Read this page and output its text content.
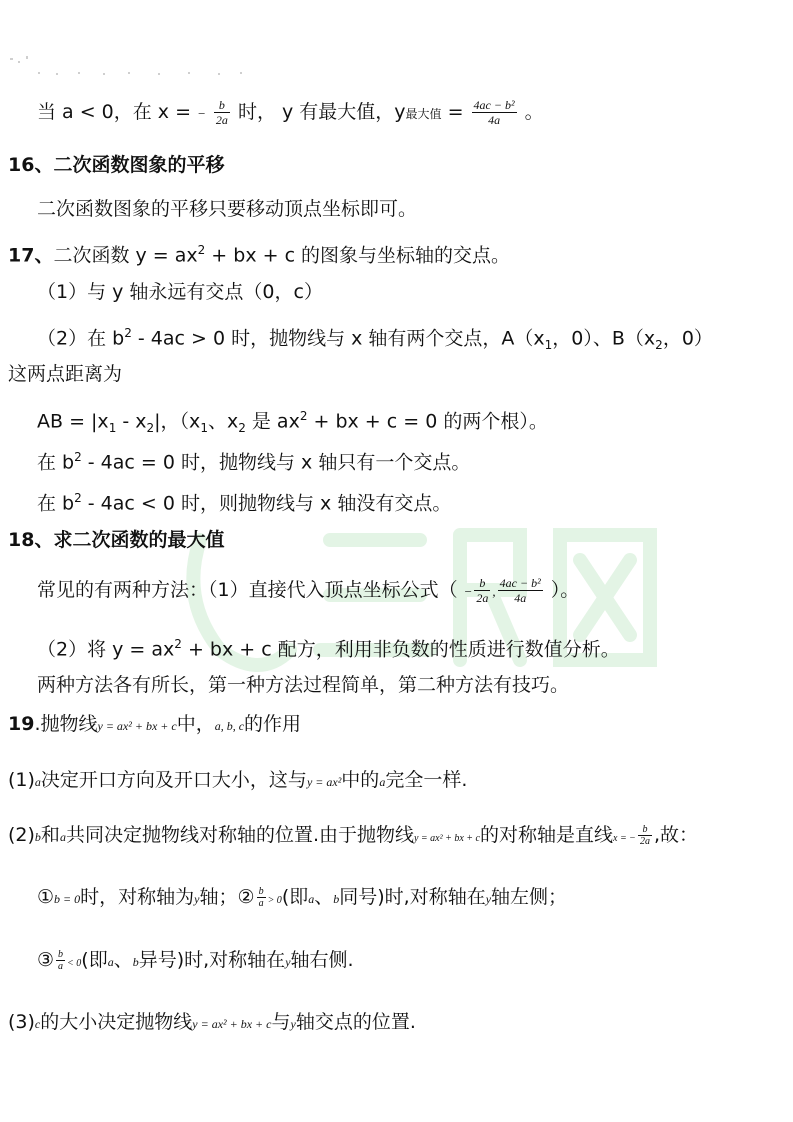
当 a < 0，在 x = − $\frac{b}{2a}$ 时， y 有最大值，y最大值 = $\frac{\text{4ac − b²}}{4a}$ 。
16、二次函数图象的平移
二次函数图象的平移只要移动顶点坐标即可。
17、二次函数 $y = ax^2$ + bx + c 的图象与坐标轴的交点。
（1）与 y 轴永远有交点（0，c）
（2）在 $b^2 - 4ac > 0$ 时，抛物线与 x 轴有两个交点，$A(x_1$，0）、$B(x_2$，0）
这两点距离为
AB = $|x_1 - x_2|$，（$x_1$、$x_2$ 是 $ax^2$ + bx + c = 0 的两个根）。
在 $b^2 - 4ac = 0$ 时，抛物线与 x 轴只有一个交点。
在 $b^2 - 4ac < 0$ 时，则抛物线与 x 轴没有交点。
18、求二次函数的最大值
常见的有两种方法：（1）直接代入顶点坐标公式（ − $\frac{b}{2a}$ , $\frac{\text{4ac − b²}}{4a}$ ）。
（2）将 $y = ax^2$ + bx + c 配方，利用非负数的性质进行数值分析。
两种方法各有所长，第一种方法过程简单，第二种方法有技巧。
19.抛物线y = ax² + bx + c中，a, b, c的作用
(1)a决定开口方向及开口大小，这与y = ax²中的a完全一样.
(2)b和a共同决定抛物线对称轴的位置.由于抛物线y = ax² + bx + c的对称轴是直线x = − $\frac{b}{2a}$ ,故：
①b = 0时，对称轴为y轴；② $\frac{b}{a} > 0$(即a、b同号)时,对称轴在y轴左侧；
③ $\frac{b}{a} < 0$(即a、b异号)时,对称轴在y轴右侧.
(3)c的大小决定抛物线y = ax² + bx + c与y轴交点的位置.
